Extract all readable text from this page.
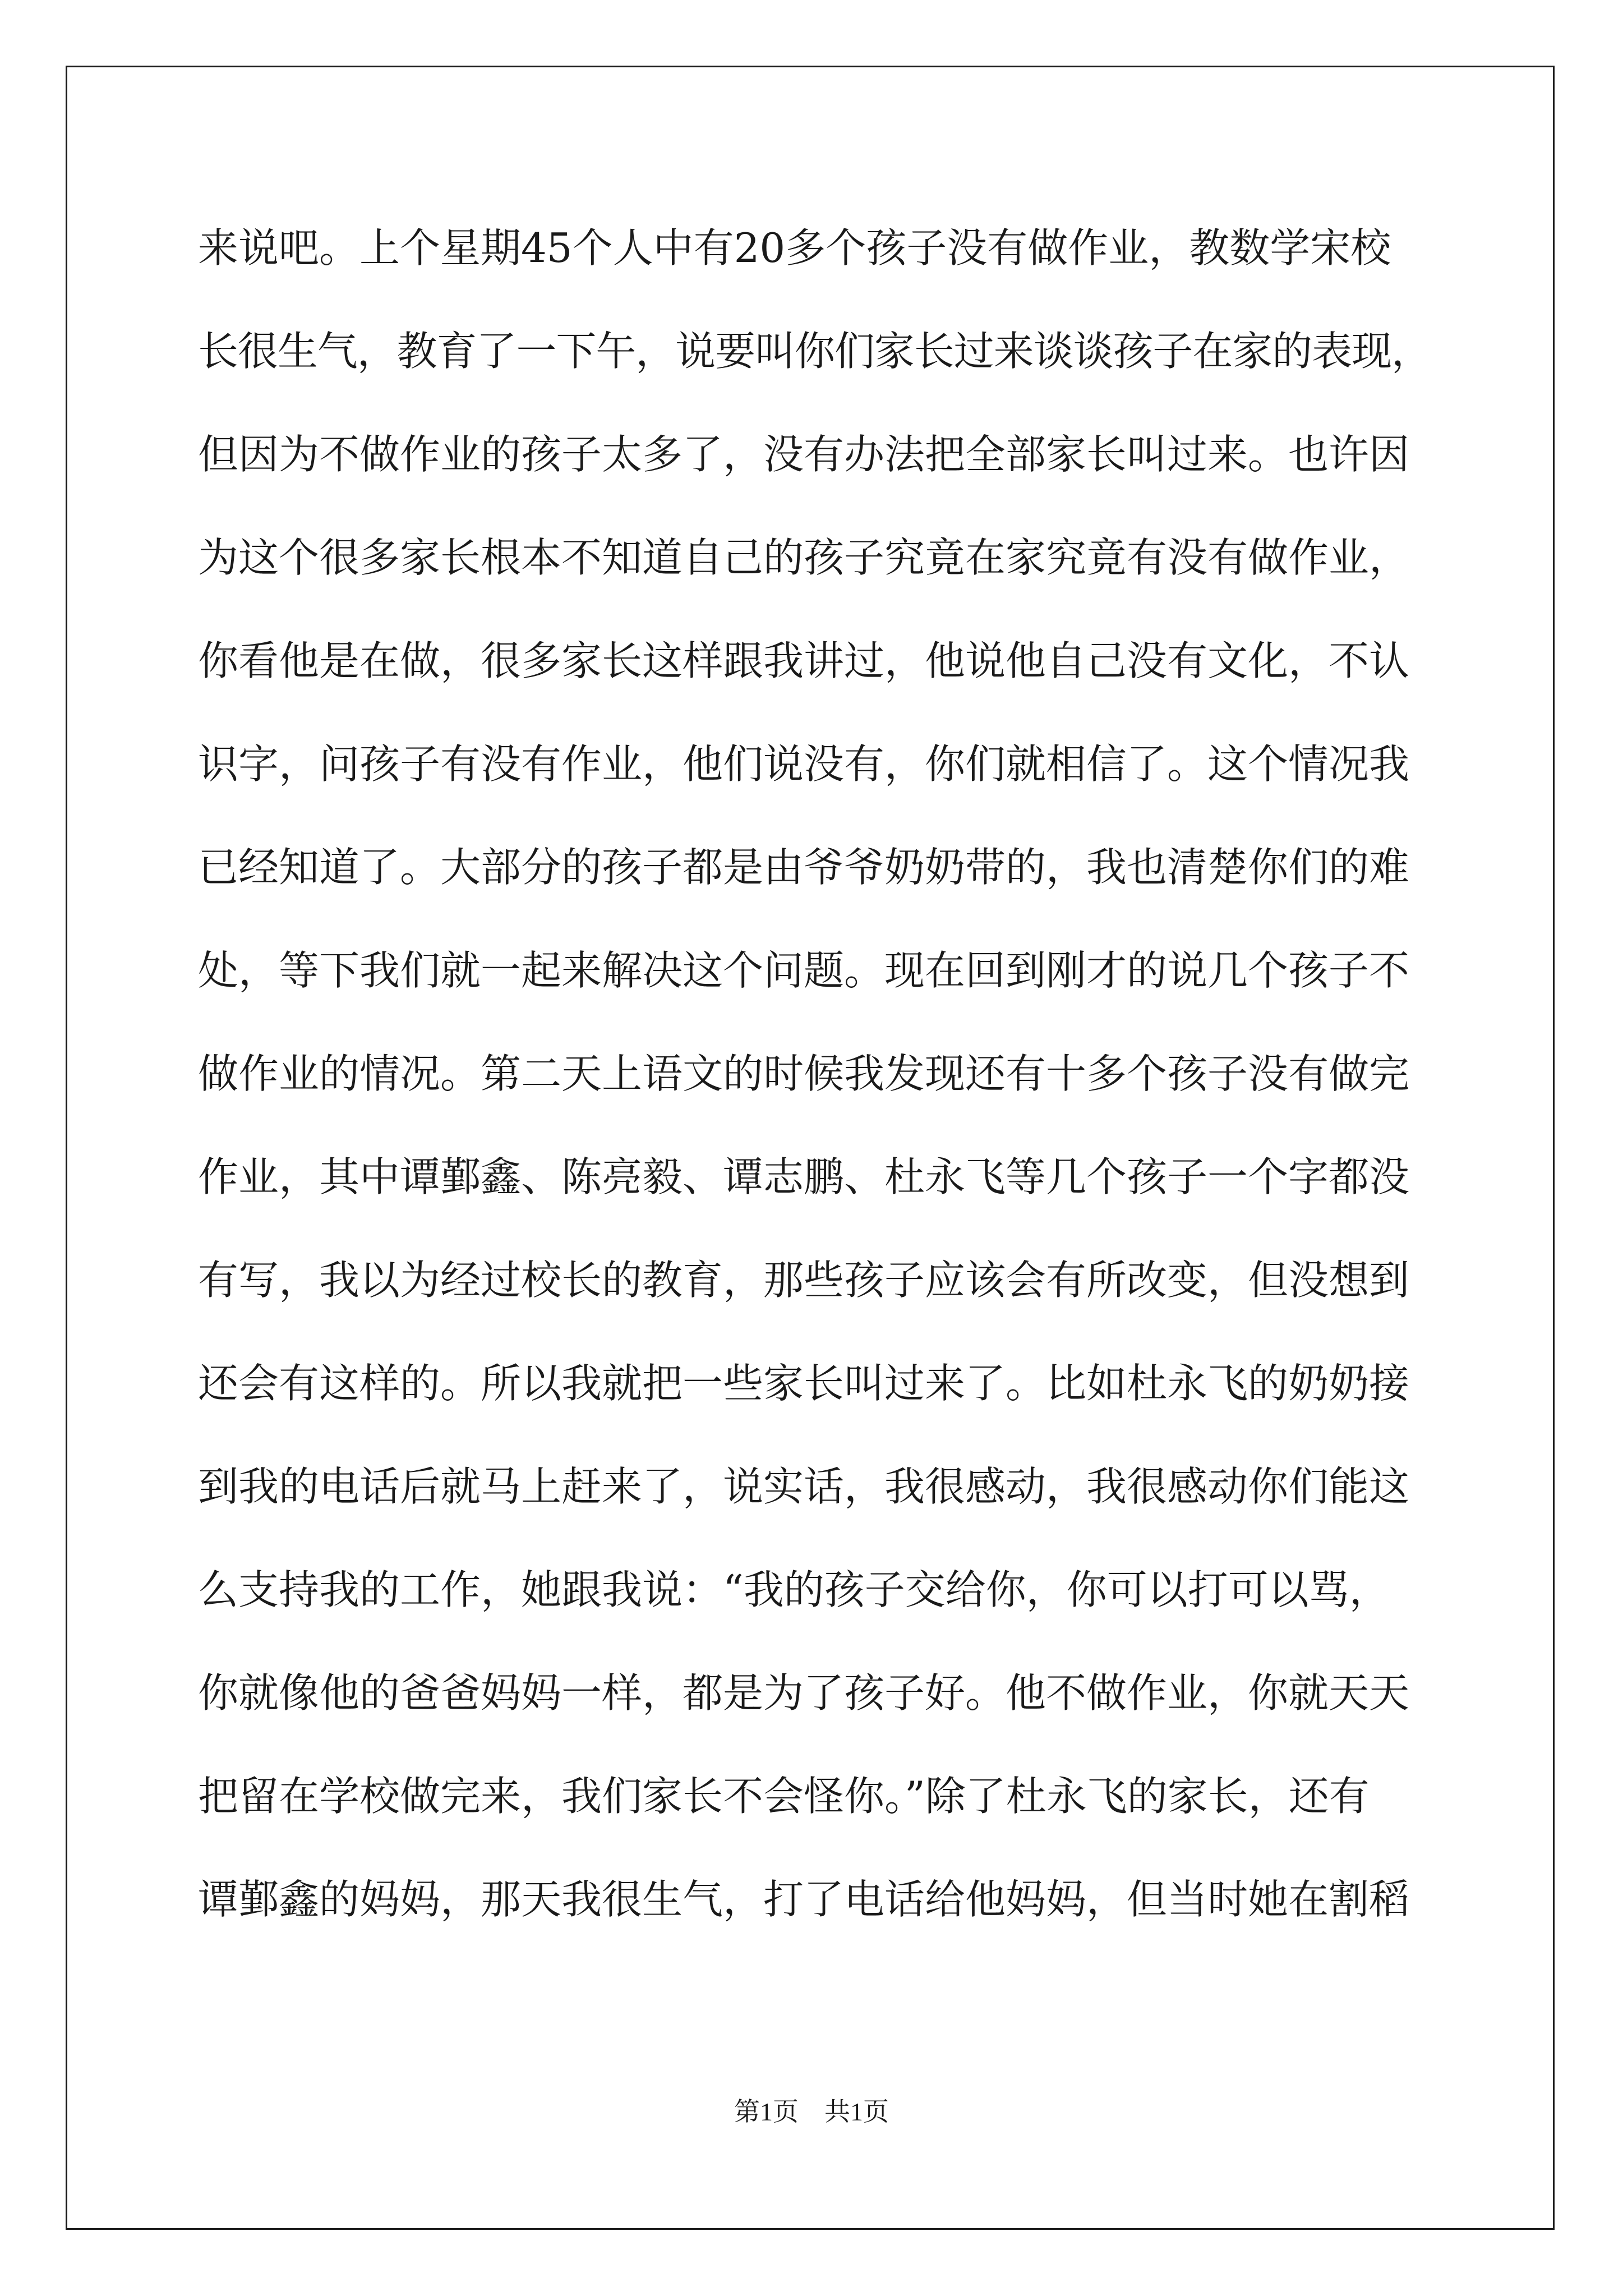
来说吧。上个星期45个人中有20多个孩子没有做作业，教数学宋校
长很生气，教育了一下午，说要叫你们家长过来谈谈孩子在家的表现，
但因为不做作业的孩子太多了，没有办法把全部家长叫过来。也许因
为这个很多家长根本不知道自己的孩子究竟在家究竟有没有做作业，
你看他是在做，很多家长这样跟我讲过，他说他自己没有文化，不认
识字，问孩子有没有作业，他们说没有，你们就相信了。这个情况我
已经知道了。大部分的孩子都是由爷爷奶奶带的，我也清楚你们的难
处，等下我们就一起来解决这个问题。现在回到刚才的说几个孩子不
做作业的情况。第二天上语文的时候我发现还有十多个孩子没有做完
作业，其中谭鄞鑫、陈亮毅、谭志鹏、杜永飞等几个孩子一个字都没
有写，我以为经过校长的教育，那些孩子应该会有所改变，但没想到
还会有这样的。所以我就把一些家长叫过来了。比如杜永飞的奶奶接
到我的电话后就马上赶来了，说实话，我很感动，我很感动你们能这
么支持我的工作，她跟我说：“我的孩子交给你，你可以打可以骂，
你就像他的爸爸妈妈一样，都是为了孩子好。他不做作业，你就天天
把留在学校做完来，我们家长不会怪你。”除了杜永飞的家长，还有
谭鄞鑫的妈妈，那天我很生气，打了电话给他妈妈，但当时她在割稻
第1页　共1页
